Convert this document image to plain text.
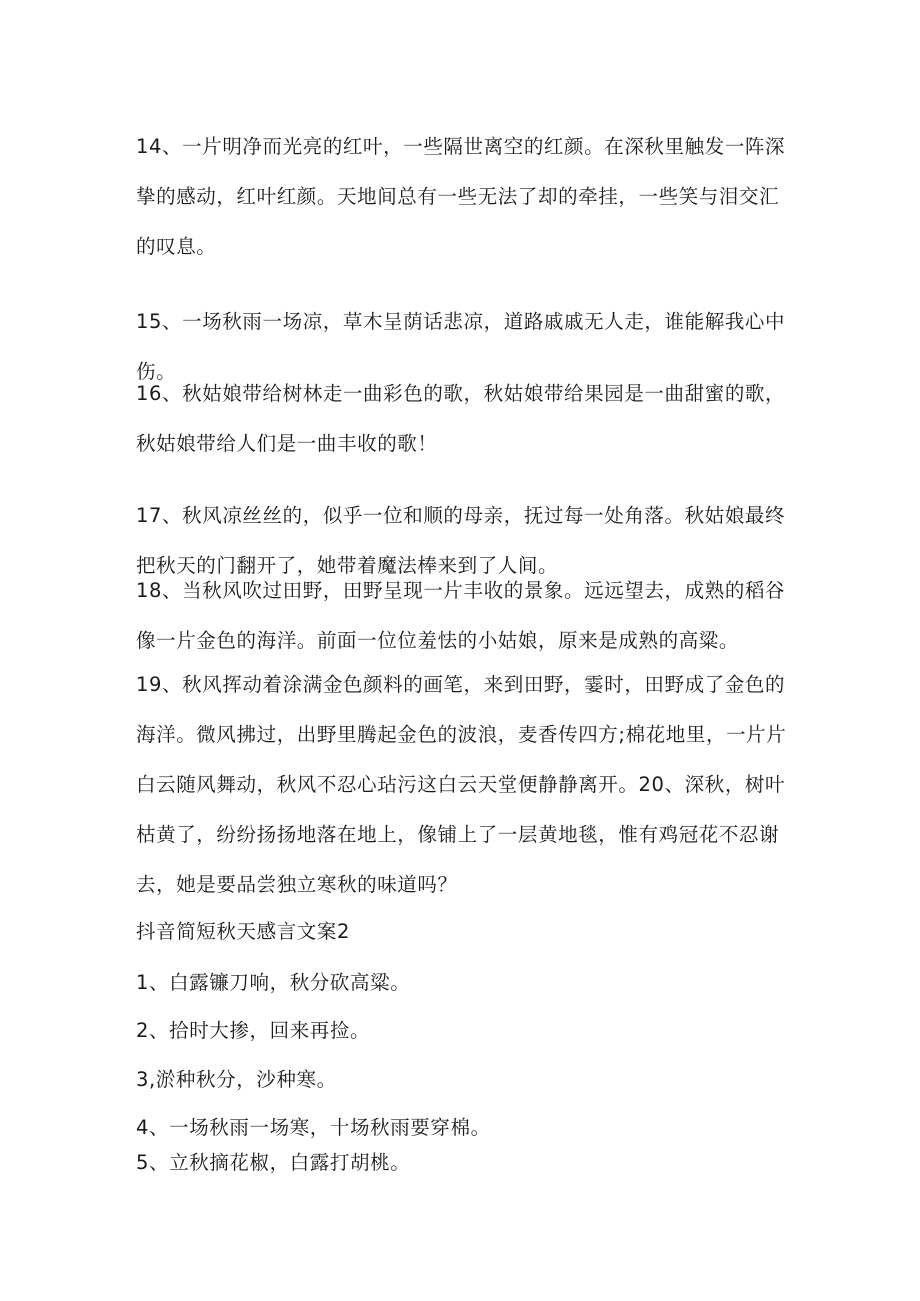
14、一片明净而光亮的红叶，一些隔世离空的红颜。在深秋里触发一阵深挚的感动，红叶红颜。天地间总有一些无法了却的牵挂，一些笑与泪交汇的叹息。

15、一场秋雨一场凉，草木呈荫话悲凉，道路戚戚无人走，谁能解我心中伤。

16、秋姑娘带给树林走一曲彩色的歌，秋姑娘带给果园是一曲甜蜜的歌，秋姑娘带给人们是一曲丰收的歌！

17、秋风凉丝丝的，似乎一位和顺的母亲，抚过每一处角落。秋姑娘最终把秋天的门翻开了，她带着魔法棒来到了人间。

18、当秋风吹过田野，田野呈现一片丰收的景象。远远望去，成熟的稻谷像一片金色的海洋。前面一位位羞怯的小姑娘，原来是成熟的高粱。

19、秋风挥动着涂满金色颜料的画笔，来到田野，霎时，田野成了金色的海洋。微风拂过，出野里腾起金色的波浪，麦香传四方;棉花地里，一片片白云随风舞动，秋风不忍心玷污这白云天堂便静静离开。20、深秋，树叶枯黄了，纷纷扬扬地落在地上，像铺上了一层黄地毯，惟有鸡冠花不忍谢去，她是要品尝独立寒秋的味道吗？

抖音简短秋天感言文案2

1、白露镰刀响，秋分砍高粱。

2、拾时大掺，回来再捡。

3,淤种秋分，沙种寒。

4、一场秋雨一场寒，十场秋雨要穿棉。

5、立秋摘花椒，白露打胡桃。
